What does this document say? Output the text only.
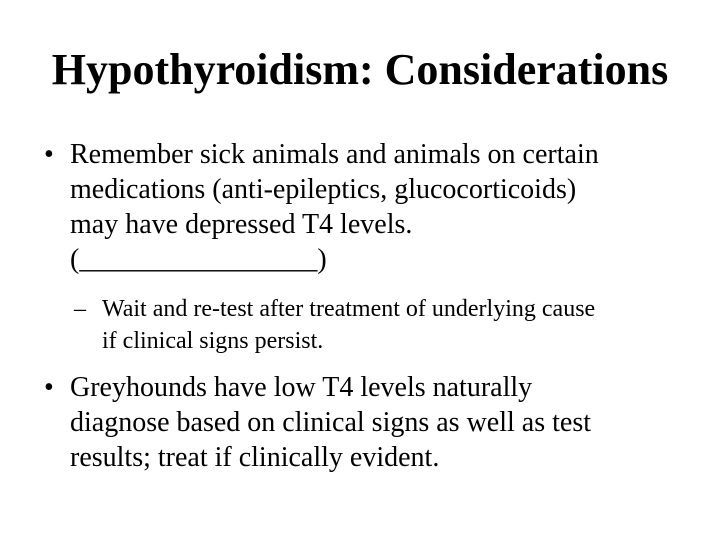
Hypothyroidism: Considerations
• Remember sick animals and animals on certain
medications (anti-epileptics, glucocorticoids)
may have depressed T4 levels.
(_________________)
– Wait and re-test after treatment of underlying cause
if clinical signs persist.
• Greyhounds have low T4 levels naturally
diagnose based on clinical signs as well as test
results; treat if clinically evident.
